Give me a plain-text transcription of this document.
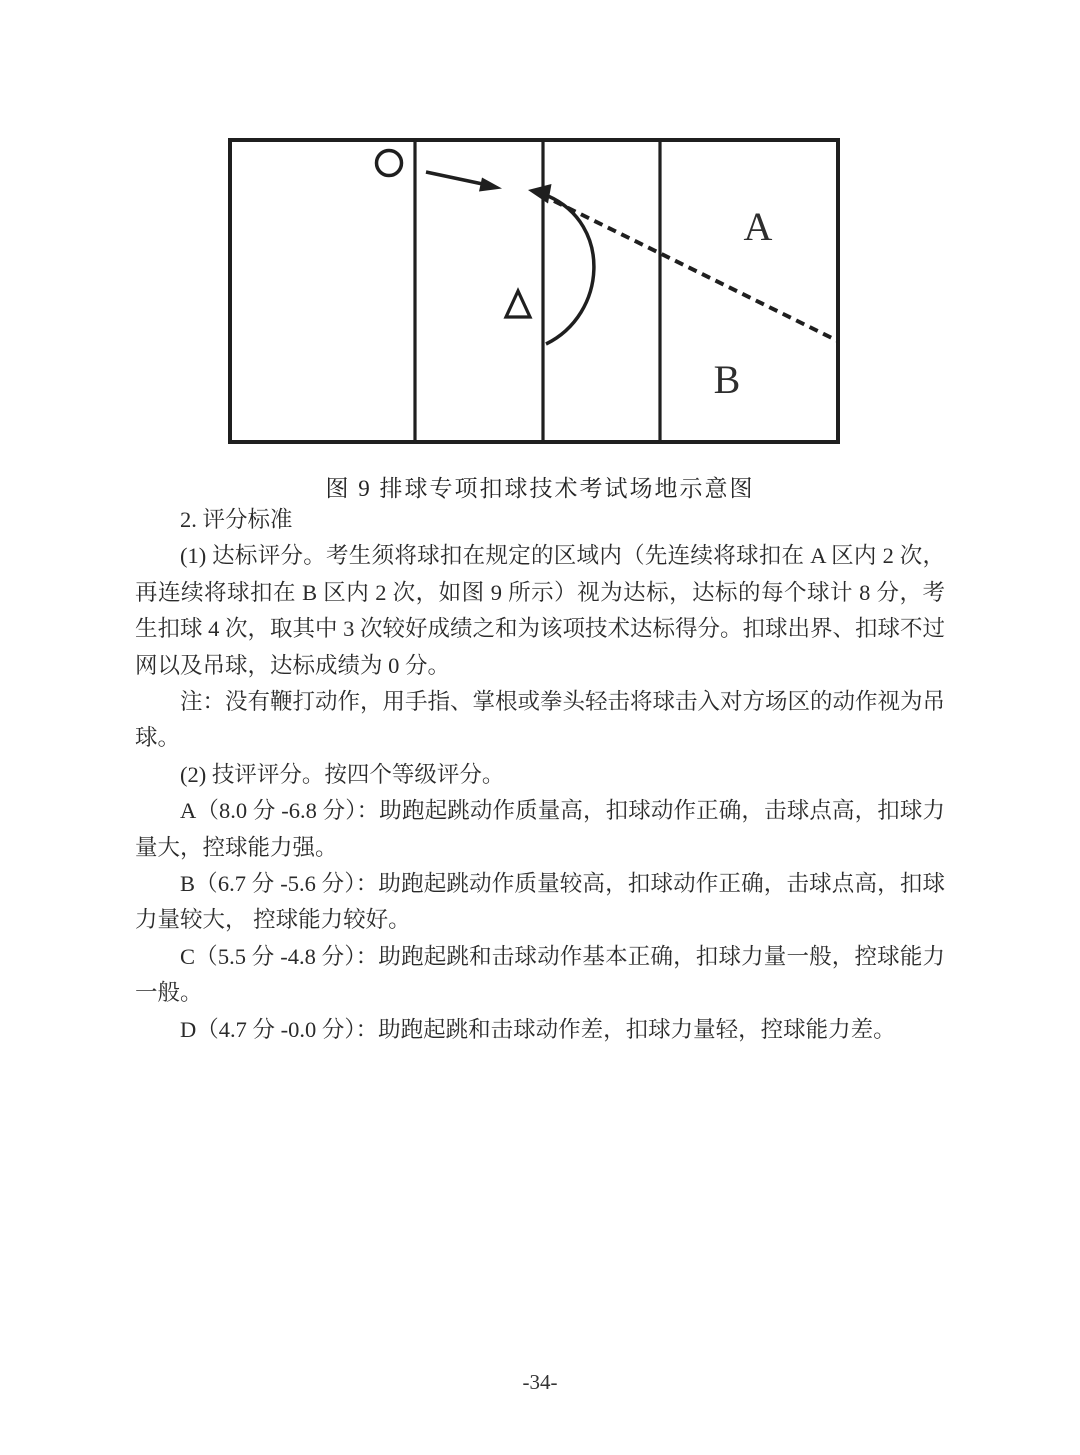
A
B
图 9 排球专项扣球技术考试场地示意图

2. 评分标准

(1) 达标评分。考生须将球扣在规定的区域内（先连续将球扣在 A 区内 2 次，再连续将球扣在 B 区内 2 次，如图 9 所示）视为达标，达标的每个球计 8 分，考生扣球 4 次，取其中 3 次较好成绩之和为该项技术达标得分。扣球出界、扣球不过网以及吊球，达标成绩为 0 分。

注：没有鞭打动作，用手指、掌根或拳头轻击将球击入对方场区的动作视为吊球。

(2) 技评评分。按四个等级评分。

A（8.0 分 -6.8 分）：助跑起跳动作质量高，扣球动作正确，击球点高，扣球力量大，控球能力强。

B（6.7 分 -5.6 分）：助跑起跳动作质量较高，扣球动作正确，击球点高，扣球力量较大， 控球能力较好。

C（5.5 分 -4.8 分）：助跑起跳和击球动作基本正确，扣球力量一般，控球能力一般。

D（4.7 分 -0.0 分）：助跑起跳和击球动作差，扣球力量轻，控球能力差。

-34-
